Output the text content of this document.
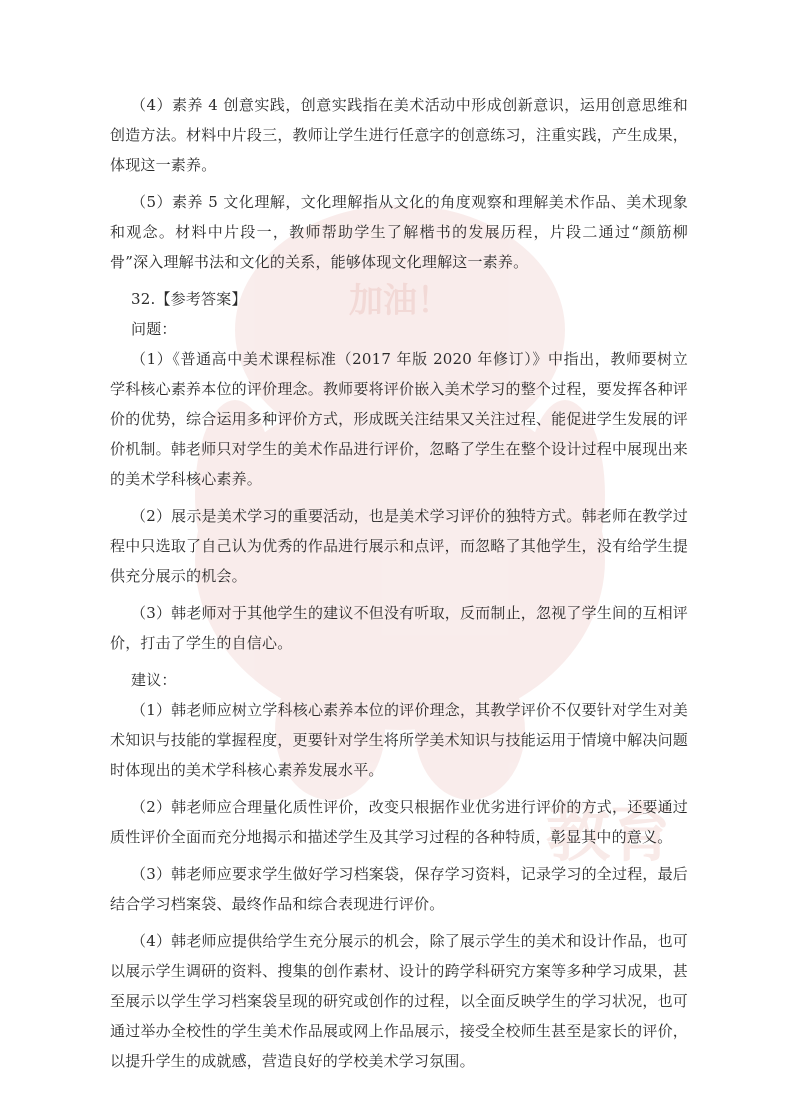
加油！
教育

（4）素养 4 创意实践，创意实践指在美术活动中形成创新意识，运用创意思维和创造方法。材料中片段三，教师让学生进行任意字的创意练习，注重实践，产生成果，体现这一素养。

（5）素养 5 文化理解，文化理解指从文化的角度观察和理解美术作品、美术现象和观念。材料中片段一，教师帮助学生了解楷书的发展历程，片段二通过“颜筋柳骨”深入理解书法和文化的关系，能够体现文化理解这一素养。

32.【参考答案】

问题：

（1）《普通高中美术课程标准（2017 年版 2020 年修订）》中指出，教师要树立学科核心素养本位的评价理念。教师要将评价嵌入美术学习的整个过程，要发挥各种评价的优势，综合运用多种评价方式，形成既关注结果又关注过程、能促进学生发展的评价机制。韩老师只对学生的美术作品进行评价，忽略了学生在整个设计过程中展现出来的美术学科核心素养。

（2）展示是美术学习的重要活动，也是美术学习评价的独特方式。韩老师在教学过程中只选取了自己认为优秀的作品进行展示和点评，而忽略了其他学生，没有给学生提供充分展示的机会。

（3）韩老师对于其他学生的建议不但没有听取，反而制止，忽视了学生间的互相评价，打击了学生的自信心。

建议：

（1）韩老师应树立学科核心素养本位的评价理念，其教学评价不仅要针对学生对美术知识与技能的掌握程度，更要针对学生将所学美术知识与技能运用于情境中解决问题时体现出的美术学科核心素养发展水平。

（2）韩老师应合理量化质性评价，改变只根据作业优劣进行评价的方式，还要通过质性评价全面而充分地揭示和描述学生及其学习过程的各种特质，彰显其中的意义。

（3）韩老师应要求学生做好学习档案袋，保存学习资料，记录学习的全过程，最后结合学习档案袋、最终作品和综合表现进行评价。

（4）韩老师应提供给学生充分展示的机会，除了展示学生的美术和设计作品，也可以展示学生调研的资料、搜集的创作素材、设计的跨学科研究方案等多种学习成果，甚至展示以学生学习档案袋呈现的研究或创作的过程，以全面反映学生的学习状况，也可通过举办全校性的学生美术作品展或网上作品展示，接受全校师生甚至是家长的评价，以提升学生的成就感，营造良好的学校美术学习氛围。
